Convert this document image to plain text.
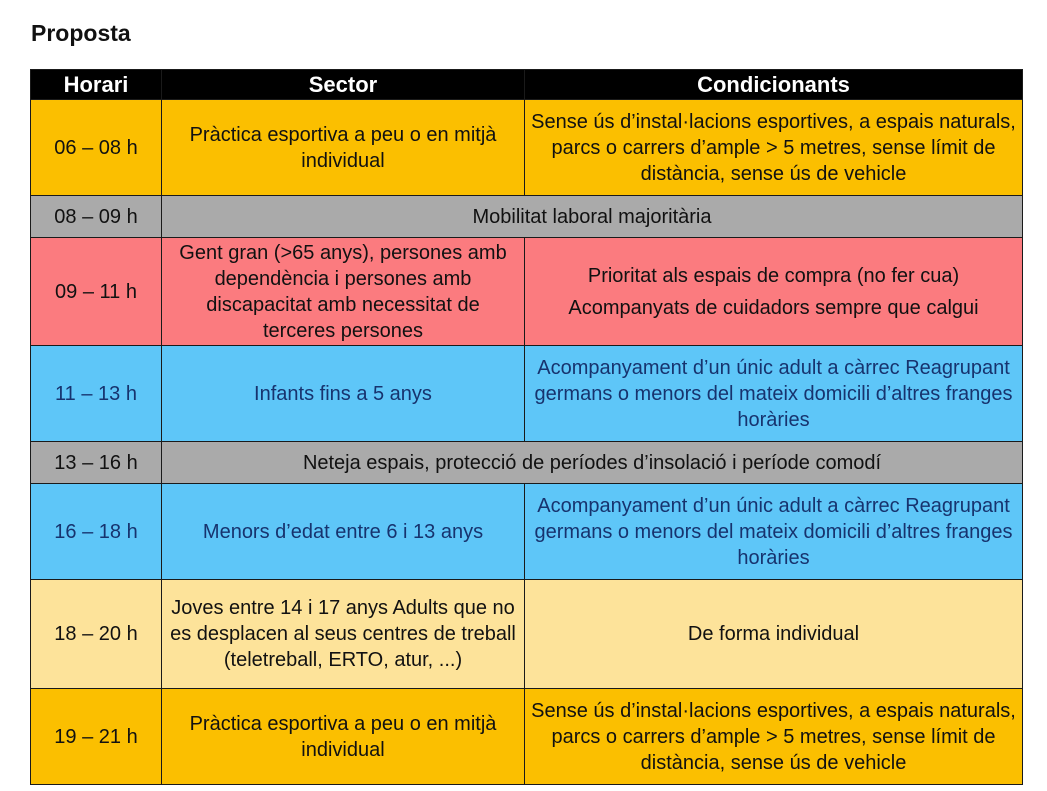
Proposta
Horari	Sector	Condicionants
06 – 08 h	Pràctica esportiva a peu o en mitjà individual	Sense ús d’instal·lacions esportives, a espais naturals, parcs o carrers d’ample > 5 metres, sense límit de distància, sense ús de vehicle

08 – 09 h	Mobilitat laboral majoritària	
09 – 11 h	Gent gran (>65 anys), persones amb dependència i persones amb discapacitat amb necessitat de terceres persones	Prioritat als espais de compra (no fer cua)
Acompanyats de cuidadors sempre que calgui

11 – 13 h	Infants fins a 5 anys	Acompanyament d’un únic adult a càrrec Reagrupant germans o menors del mateix domicili d’altres franges horàries

13 – 16 h	Neteja espais, protecció de períodes d’insolació i període comodí	
16 – 18 h	Menors d’edat entre 6 i 13 anys	Acompanyament d’un únic adult a càrrec Reagrupant germans o menors del mateix domicili d’altres franges horàries

18 – 20 h	Joves entre 14 i 17 anys Adults que no es desplacen al seus centres de treball (teletreball, ERTO, atur, ...)	De forma individual

19 – 21 h	Pràctica esportiva a peu o en mitjà individual	Sense ús d’instal·lacions esportives, a espais naturals, parcs o carrers d’ample > 5 metres, sense límit de distància, sense ús de vehicle
